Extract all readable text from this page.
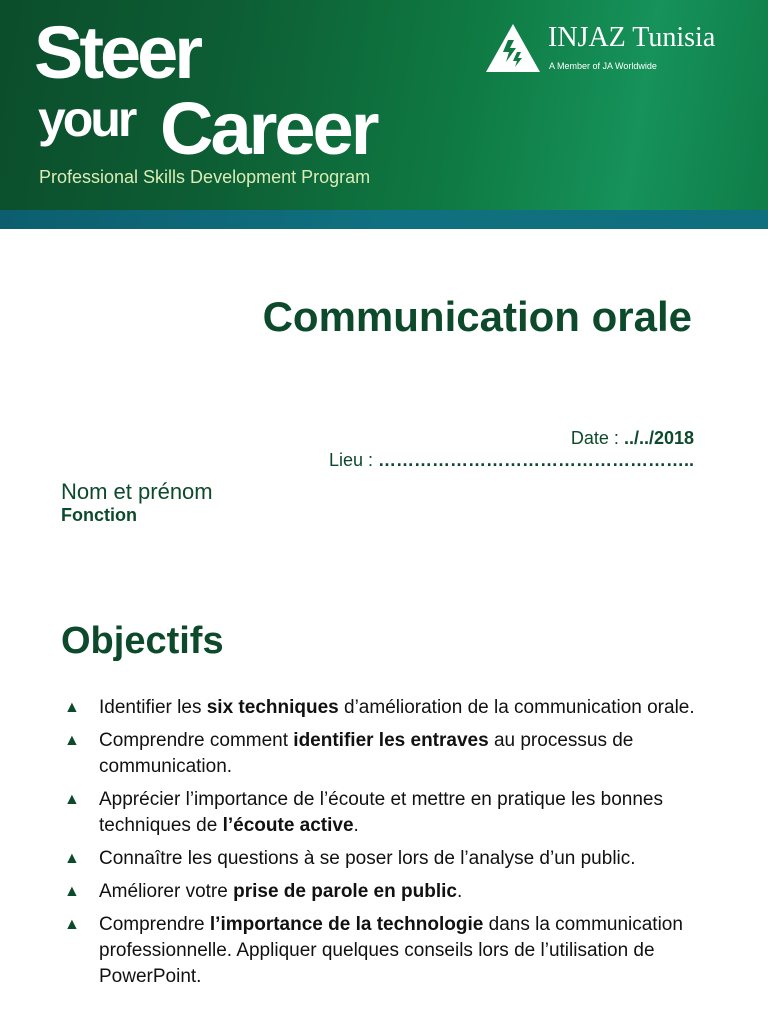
Steer
your Career
Professional Skills Development Program
INJAZ Tunisia
A Member of JA Worldwide
Communication orale
Date : ../../2018
Lieu : ……………………………………………..
Nom et prénom
Fonction
Objectifs
▲ Identifier les six techniques d’amélioration de la communication orale.
▲ Comprendre comment identifier les entraves au processus de communication.
▲ Apprécier l’importance de l’écoute et mettre en pratique les bonnes techniques de l’écoute active.
▲ Connaître les questions à se poser lors de l’analyse d’un public.
▲ Améliorer votre prise de parole en public.
▲ Comprendre l’importance de la technologie dans la communication professionnelle. Appliquer quelques conseils lors de l’utilisation de PowerPoint.
